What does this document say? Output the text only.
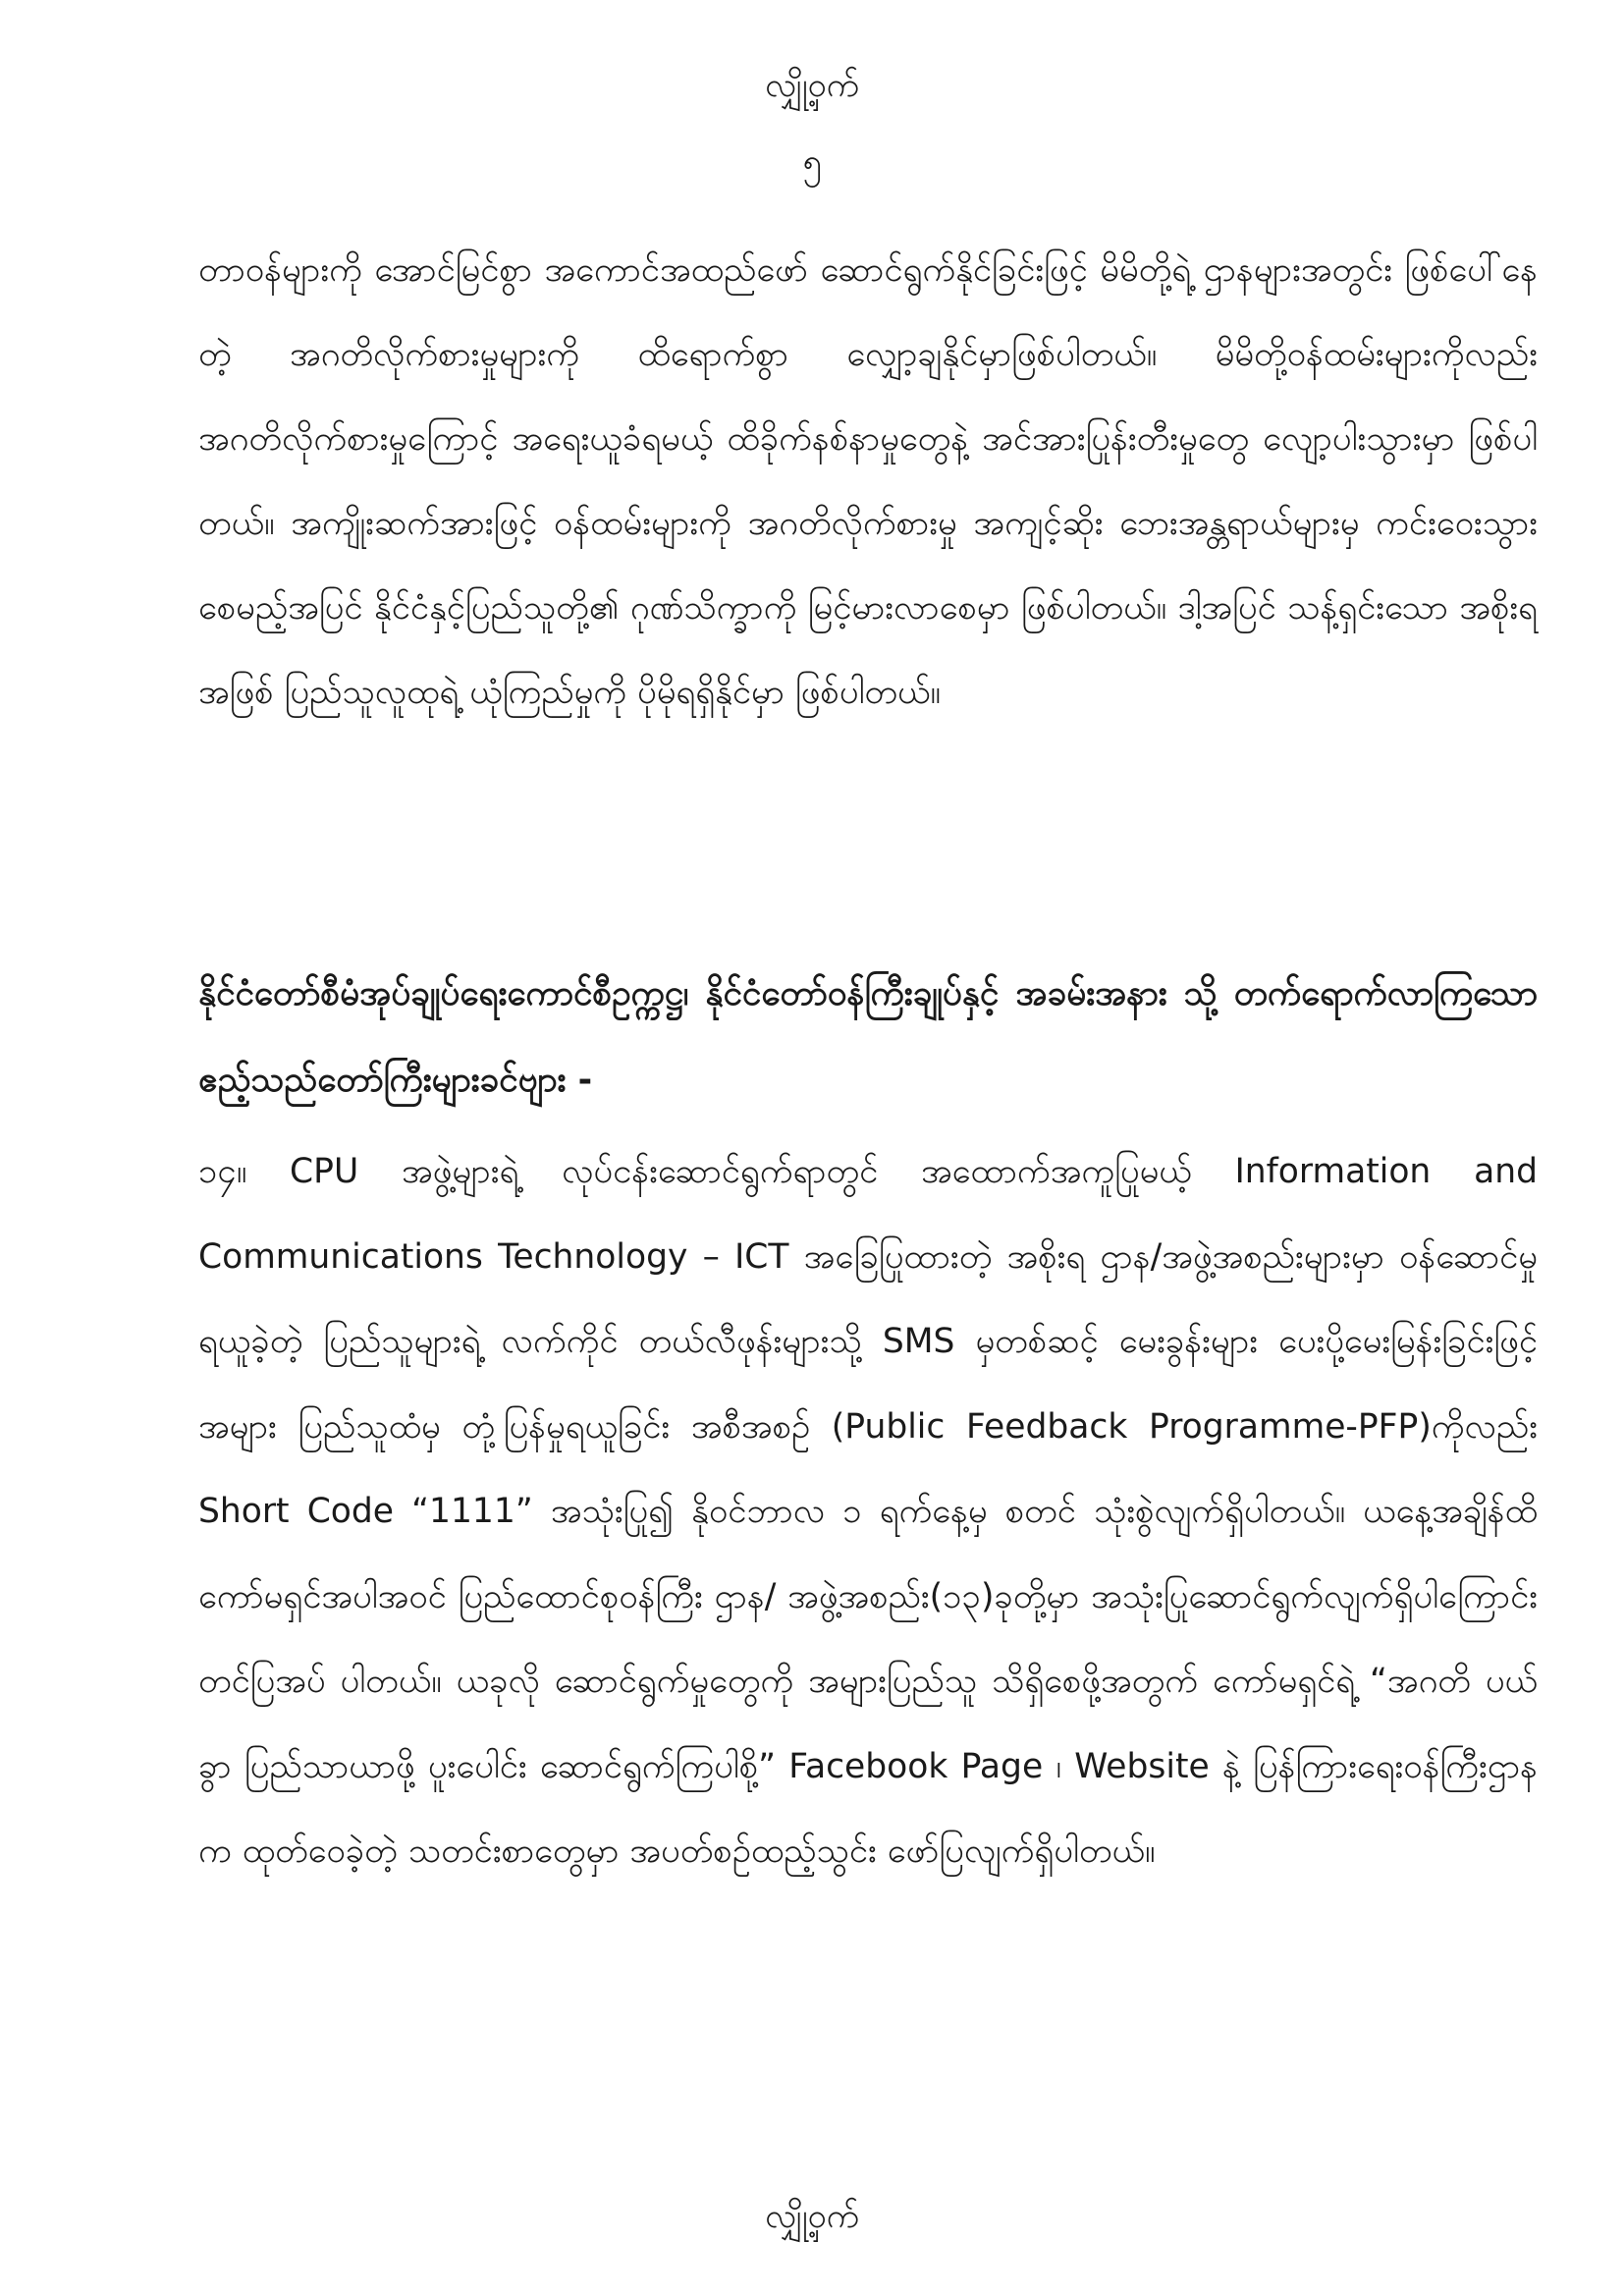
လျှို့ဝှက်
၅

တာဝန်များကို အောင်မြင်စွာ အကောင်အထည်ဖော် ဆောင်ရွက်နိုင်ခြင်းဖြင့် မိမိတို့ရဲ့ ဌာနများအတွင်း ဖြစ်ပေါ်နေတဲ့ အဂတိလိုက်စားမှုများကို ထိရောက်စွာ လျှော့ချနိုင်မှာဖြစ်ပါတယ်။ မိမိတို့ဝန်ထမ်းများကိုလည်း အဂတိလိုက်စားမှုကြောင့် အရေးယူခံရမယ့် ထိခိုက်နစ်နာမှုတွေနဲ့ အင်အားပြုန်းတီးမှုတွေ လျော့ပါးသွားမှာ ဖြစ်ပါတယ်။ အကျိုးဆက်အားဖြင့် ဝန်ထမ်းများကို အဂတိလိုက်စားမှု အကျင့်ဆိုး ဘေးအန္တရာယ်များမှ ကင်းဝေးသွားစေမည့်အပြင် နိုင်ငံနှင့်ပြည်သူတို့၏ ဂုဏ်သိက္ခာကို မြင့်မားလာစေမှာ ဖြစ်ပါတယ်။ ဒါ့အပြင် သန့်ရှင်းသော အစိုးရအဖြစ် ပြည်သူလူထုရဲ့ ယုံကြည်မှုကို ပိုမိုရရှိနိုင်မှာ ဖြစ်ပါတယ်။

နိုင်ငံတော်စီမံအုပ်ချုပ်ရေးကောင်စီဥက္ကဋ္ဌ၊ နိုင်ငံတော်ဝန်ကြီးချုပ်နှင့် အခမ်းအနား သို့ တက်ရောက်လာကြသော ဧည့်သည်တော်ကြီးများခင်ဗျား -

၁၄။ CPU အဖွဲ့များရဲ့ လုပ်ငန်းဆောင်ရွက်ရာတွင် အထောက်အကူပြုမယ့် Information and Communications Technology – ICT အခြေပြုထားတဲ့ အစိုးရ ဌာန/အဖွဲ့အစည်းများမှာ ဝန်ဆောင်မှုရယူခဲ့တဲ့ ပြည်သူများရဲ့ လက်ကိုင် တယ်လီဖုန်းများသို့ SMS မှတစ်ဆင့် မေးခွန်းများ ပေးပို့မေးမြန်းခြင်းဖြင့် အများ ပြည်သူထံမှ တုံ့ပြန်မှုရယူခြင်း အစီအစဉ် (Public Feedback Programme-PFP)ကိုလည်း Short Code “1111” အသုံးပြု၍ နိုဝင်ဘာလ ၁ ရက်နေ့မှ စတင် သုံးစွဲလျက်ရှိပါတယ်။ ယနေ့အချိန်ထိ ကော်မရှင်အပါအဝင် ပြည်ထောင်စုဝန်ကြီး ဌာန/ အဖွဲ့အစည်း(၁၃)ခုတို့မှာ အသုံးပြုဆောင်ရွက်လျက်ရှိပါကြောင်း တင်ပြအပ် ပါတယ်။ ယခုလို ဆောင်ရွက်မှုတွေကို အများပြည်သူ သိရှိစေဖို့အတွက် ကော်မရှင်ရဲ့ “အဂတိ ပယ်ခွာ ပြည်သာယာဖို့ ပူးပေါင်း ဆောင်ရွက်ကြပါစို့” Facebook Page ၊ Website နဲ့ ပြန်ကြားရေးဝန်ကြီးဌာနက ထုတ်ဝေခဲ့တဲ့ သတင်းစာတွေမှာ အပတ်စဉ်ထည့်သွင်း ဖော်ပြလျက်ရှိပါတယ်။

လျှို့ဝှက်
